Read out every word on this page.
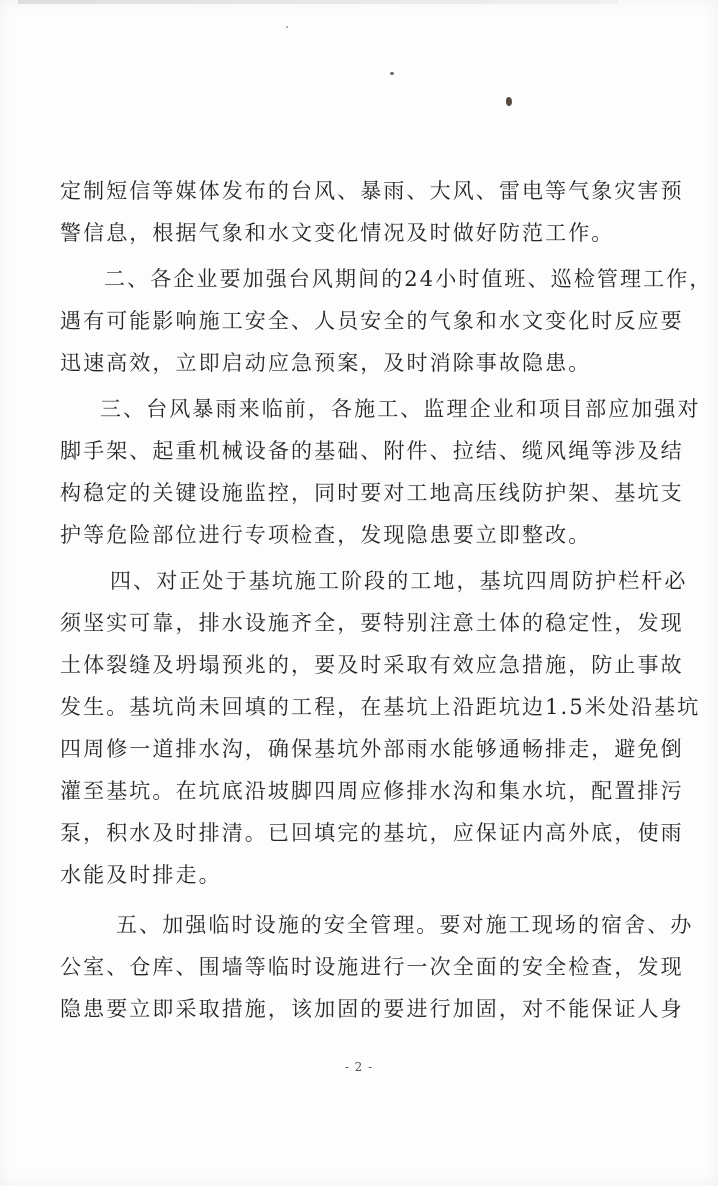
定制短信等媒体发布的台风、暴雨、大风、雷电等气象灾害预
警信息，根据气象和水文变化情况及时做好防范工作。
二、各企业要加强台风期间的24小时值班、巡检管理工作，
遇有可能影响施工安全、人员安全的气象和水文变化时反应要
迅速高效，立即启动应急预案，及时消除事故隐患。
三、台风暴雨来临前，各施工、监理企业和项目部应加强对
脚手架、起重机械设备的基础、附件、拉结、缆风绳等涉及结
构稳定的关键设施监控，同时要对工地高压线防护架、基坑支
护等危险部位进行专项检查，发现隐患要立即整改。
四、对正处于基坑施工阶段的工地，基坑四周防护栏杆必
须坚实可靠，排水设施齐全，要特别注意土体的稳定性，发现
土体裂缝及坍塌预兆的，要及时采取有效应急措施，防止事故
发生。基坑尚未回填的工程，在基坑上沿距坑边1.5米处沿基坑
四周修一道排水沟，确保基坑外部雨水能够通畅排走，避免倒
灌至基坑。在坑底沿坡脚四周应修排水沟和集水坑，配置排污
泵，积水及时排清。已回填完的基坑，应保证内高外底，使雨
水能及时排走。
五、加强临时设施的安全管理。要对施工现场的宿舍、办
公室、仓库、围墙等临时设施进行一次全面的安全检查，发现
隐患要立即采取措施，该加固的要进行加固，对不能保证人身
- 2 -
